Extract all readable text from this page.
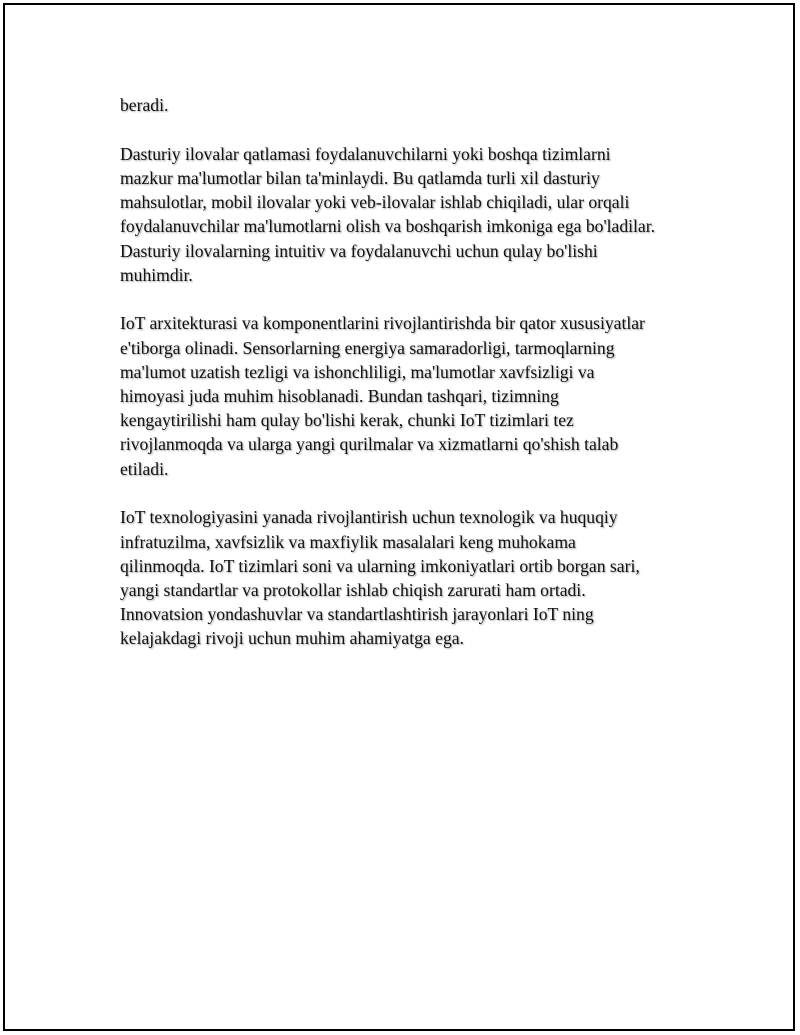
beradi.

Dasturiy ilovalar qatlamasi foydalanuvchilarni yoki boshqa tizimlarni
mazkur ma'lumotlar bilan ta'minlaydi. Bu qatlamda turli xil dasturiy
mahsulotlar, mobil ilovalar yoki veb-ilovalar ishlab chiqiladi, ular orqali
foydalanuvchilar ma'lumotlarni olish va boshqarish imkoniga ega bo'ladilar.
Dasturiy ilovalarning intuitiv va foydalanuvchi uchun qulay bo'lishi
muhimdir.

IoT arxitekturasi va komponentlarini rivojlantirishda bir qator xususiyatlar
e'tiborga olinadi. Sensorlarning energiya samaradorligi, tarmoqlarning
ma'lumot uzatish tezligi va ishonchliligi, ma'lumotlar xavfsizligi va
himoyasi juda muhim hisoblanadi. Bundan tashqari, tizimning
kengaytirilishi ham qulay bo'lishi kerak, chunki IoT tizimlari tez
rivojlanmoqda va ularga yangi qurilmalar va xizmatlarni qo'shish talab
etiladi.

IoT texnologiyasini yanada rivojlantirish uchun texnologik va huquqiy
infratuzilma, xavfsizlik va maxfiylik masalalari keng muhokama
qilinmoqda. IoT tizimlari soni va ularning imkoniyatlari ortib borgan sari,
yangi standartlar va protokollar ishlab chiqish zarurati ham ortadi.
Innovatsion yondashuvlar va standartlashtirish jarayonlari IoT ning
kelajakdagi rivoji uchun muhim ahamiyatga ega.
